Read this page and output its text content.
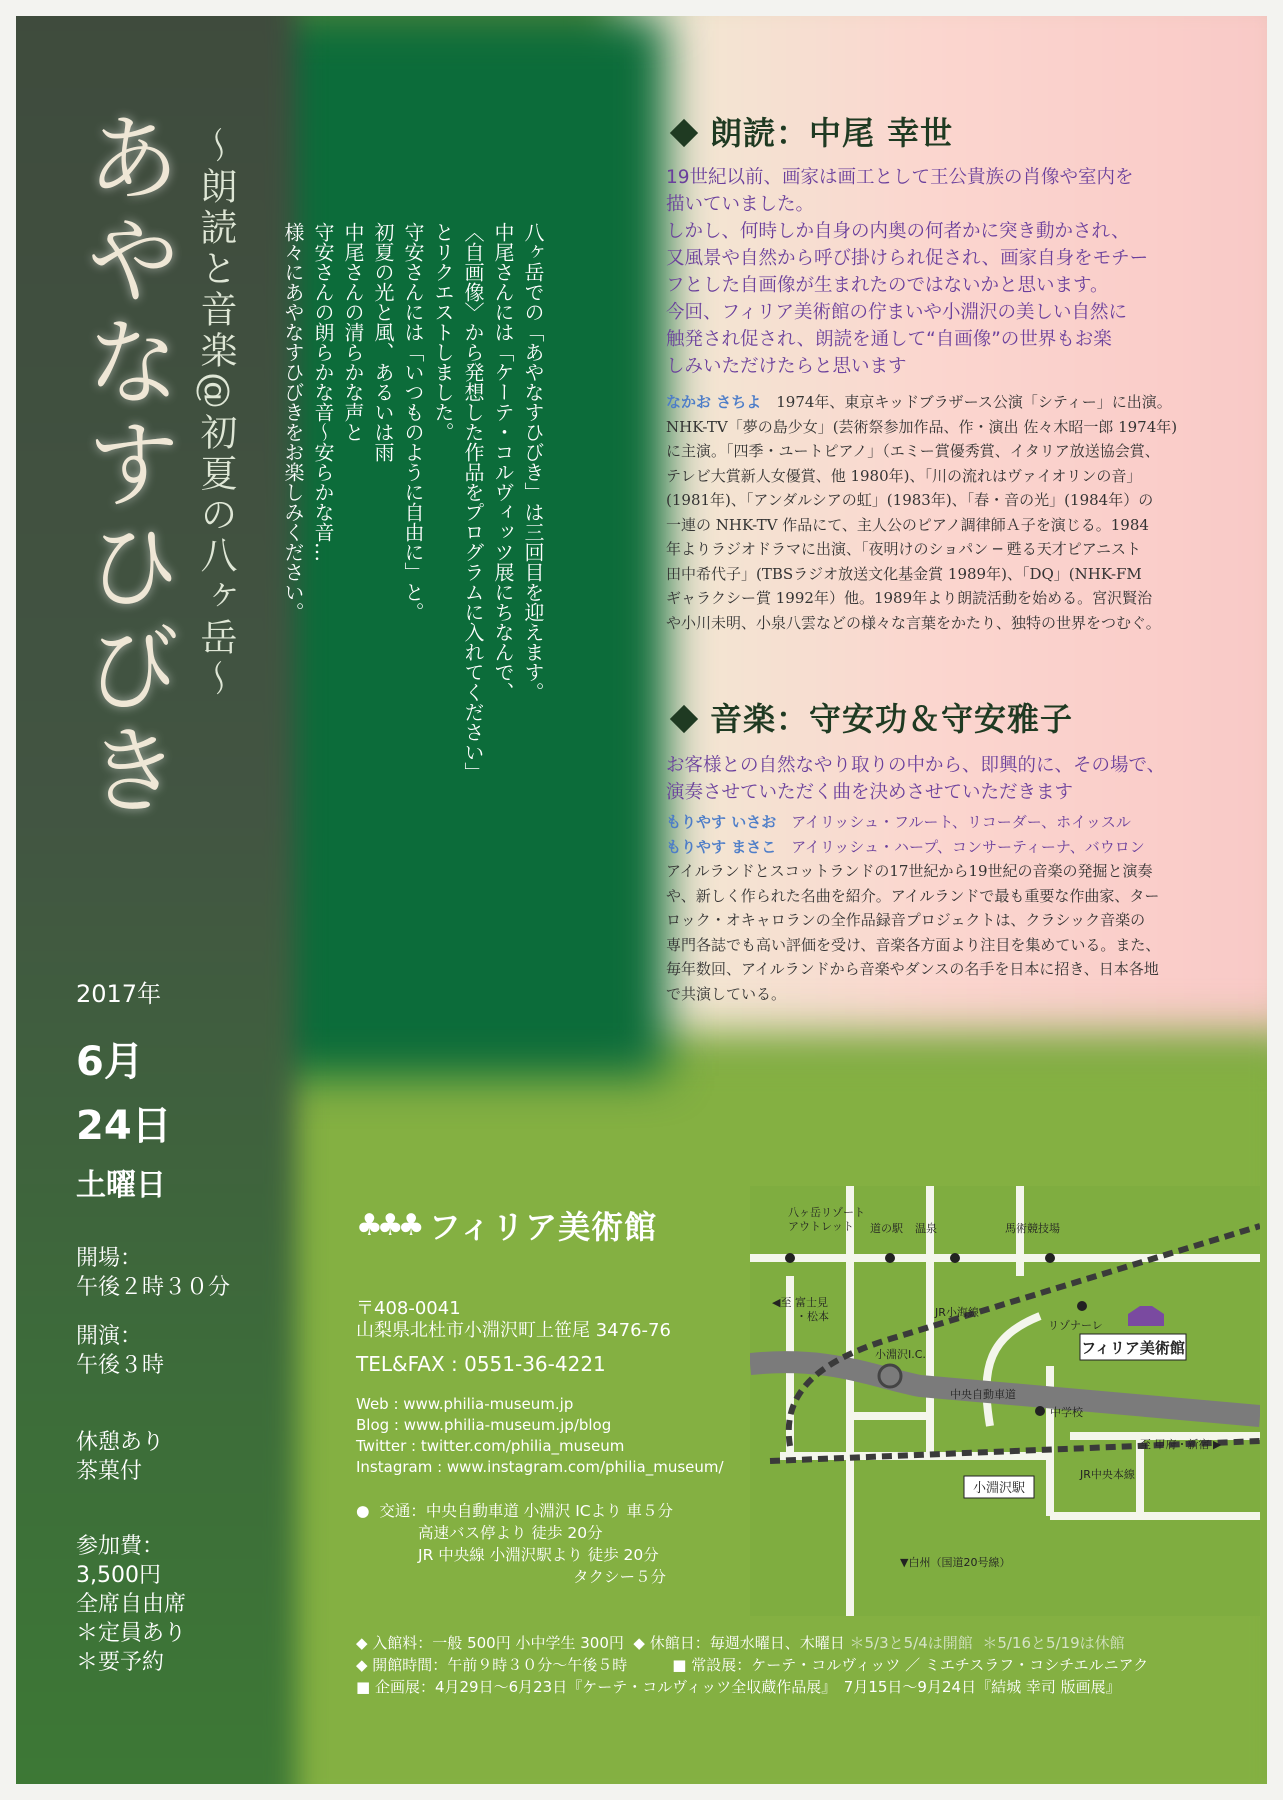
あやなすひびき ～朗読と音楽@初夏の八ヶ岳～	八ヶ岳での「あやなすひびき」は三回目を迎えます。
中尾さんには「ケーテ・コルヴィッツ展にちなんで、
〈自画像〉から発想した作品をプログラムに入れてください」
とリクエストしました。
守安さんには「いつものように自由に」と。
初夏の光と風、あるいは雨
中尾さんの清らかな声と
守安さんの朗らかな音～安らかな音…
様々にあやなすひびきをお楽しみください。
2017年
6月
24日
土曜日
開場：
午後２時３０分
開演：
午後３時
休憩あり
茶菓付
参加費：
3,500円
全席自由席
＊定員あり
＊要予約
朗読：中尾 幸世
19世紀以前、画家は画工として王公貴族の肖像や室内を
描いていました。
しかし、何時しか自身の内奥の何者かに突き動かされ、
又風景や自然から呼び掛けられ促され、画家自身をモチー
フとした自画像が生まれたのではないかと思います。
今回、フィリア美術館の佇まいや小淵沢の美しい自然に
触発され促され、朗読を通して“自画像”の世界もお楽
しみいただけたらと思います
なかお さちよ　1974年、東京キッドブラザース公演「シティー」に出演。
NHK-TV「夢の島少女」(芸術祭参加作品、作・演出 佐々木昭一郎 1974年)
に主演。「四季・ユートピアノ」（エミー賞優秀賞、イタリア放送協会賞、
テレビ大賞新人女優賞、他 1980年)、「川の流れはヴァイオリンの音」
(1981年)、「アンダルシアの虹」(1983年)、「春・音の光」(1984年）の
一連の NHK-TV 作品にて、主人公のピアノ調律師Ａ子を演じる。1984
年よりラジオドラマに出演、「夜明けのショパン ─ 甦る天才ピアニスト
田中希代子」(TBSラジオ放送文化基金賞 1989年)、「DQ」(NHK-FM
ギャラクシー賞 1992年）他。1989年より朗読活動を始める。宮沢賢治
や小川未明、小泉八雲などの様々な言葉をかたり、独特の世界をつむぐ。
音楽：守安功＆守安雅子
お客様との自然なやり取りの中から、即興的に、その場で、
演奏させていただく曲を決めさせていただきます
もりやす いさお　 アイリッシュ・フルート、リコーダー、ホイッスル
もりやす まさこ　 アイリッシュ・ハープ、コンサーティーナ、バウロン
アイルランドとスコットランドの17世紀から19世紀の音楽の発掘と演奏
や、新しく作られた名曲を紹介。アイルランドで最も重要な作曲家、ター
ロック・オキャロランの全作品録音プロジェクトは、クラシック音楽の
専門各誌でも高い評価を受け、音楽各方面より注目を集めている。また、
毎年数回、アイルランドから音楽やダンスの名手を日本に招き、日本各地
で共演している。
♣♣♣ フィリア美術館
〒408-0041
山梨県北杜市小淵沢町上笹尾 3476-76
TEL&FAX : 0551-36-4221
Web : www.philia-museum.jp
Blog : www.philia-museum.jp/blog
Twitter : twitter.com/philia_museum
Instagram : www.instagram.com/philia_museum/
●  交通：中央自動車道 小淵沢 ICより 車５分
　　　　高速バス停より 徒歩 20分
　　　　JR 中央線 小淵沢駅より 徒歩 20分
　　　　　　　　　　　　　　タクシー５分
◆ 入館料：一般 500円 小中学生 300円  ◆ 休館日：毎週水曜日、木曜日 ＊5/3と5/4は開館  ＊5/16と5/19は休館
◆ 開館時間：午前９時３０分〜午後５時　　　■ 常設展：ケーテ・コルヴィッツ ／ ミエチスラフ・コシチエルニアク
■ 企画展：4月29日〜6月23日『ケーテ・コルヴィッツ全収蔵作品展』　7月15日〜9月24日『結城 幸司 版画展』
フィリア美術館
小淵沢駅
八ヶ岳リゾート
アウトレット 道の駅 温泉	馬術競技場
◀至 富士見
・松本	JR小海線
リゾナーレ
小淵沢I.C.
中央自動車道
中学校
至 甲府・新宿 ▶
JR中央本線
▼白州（国道20号線）
